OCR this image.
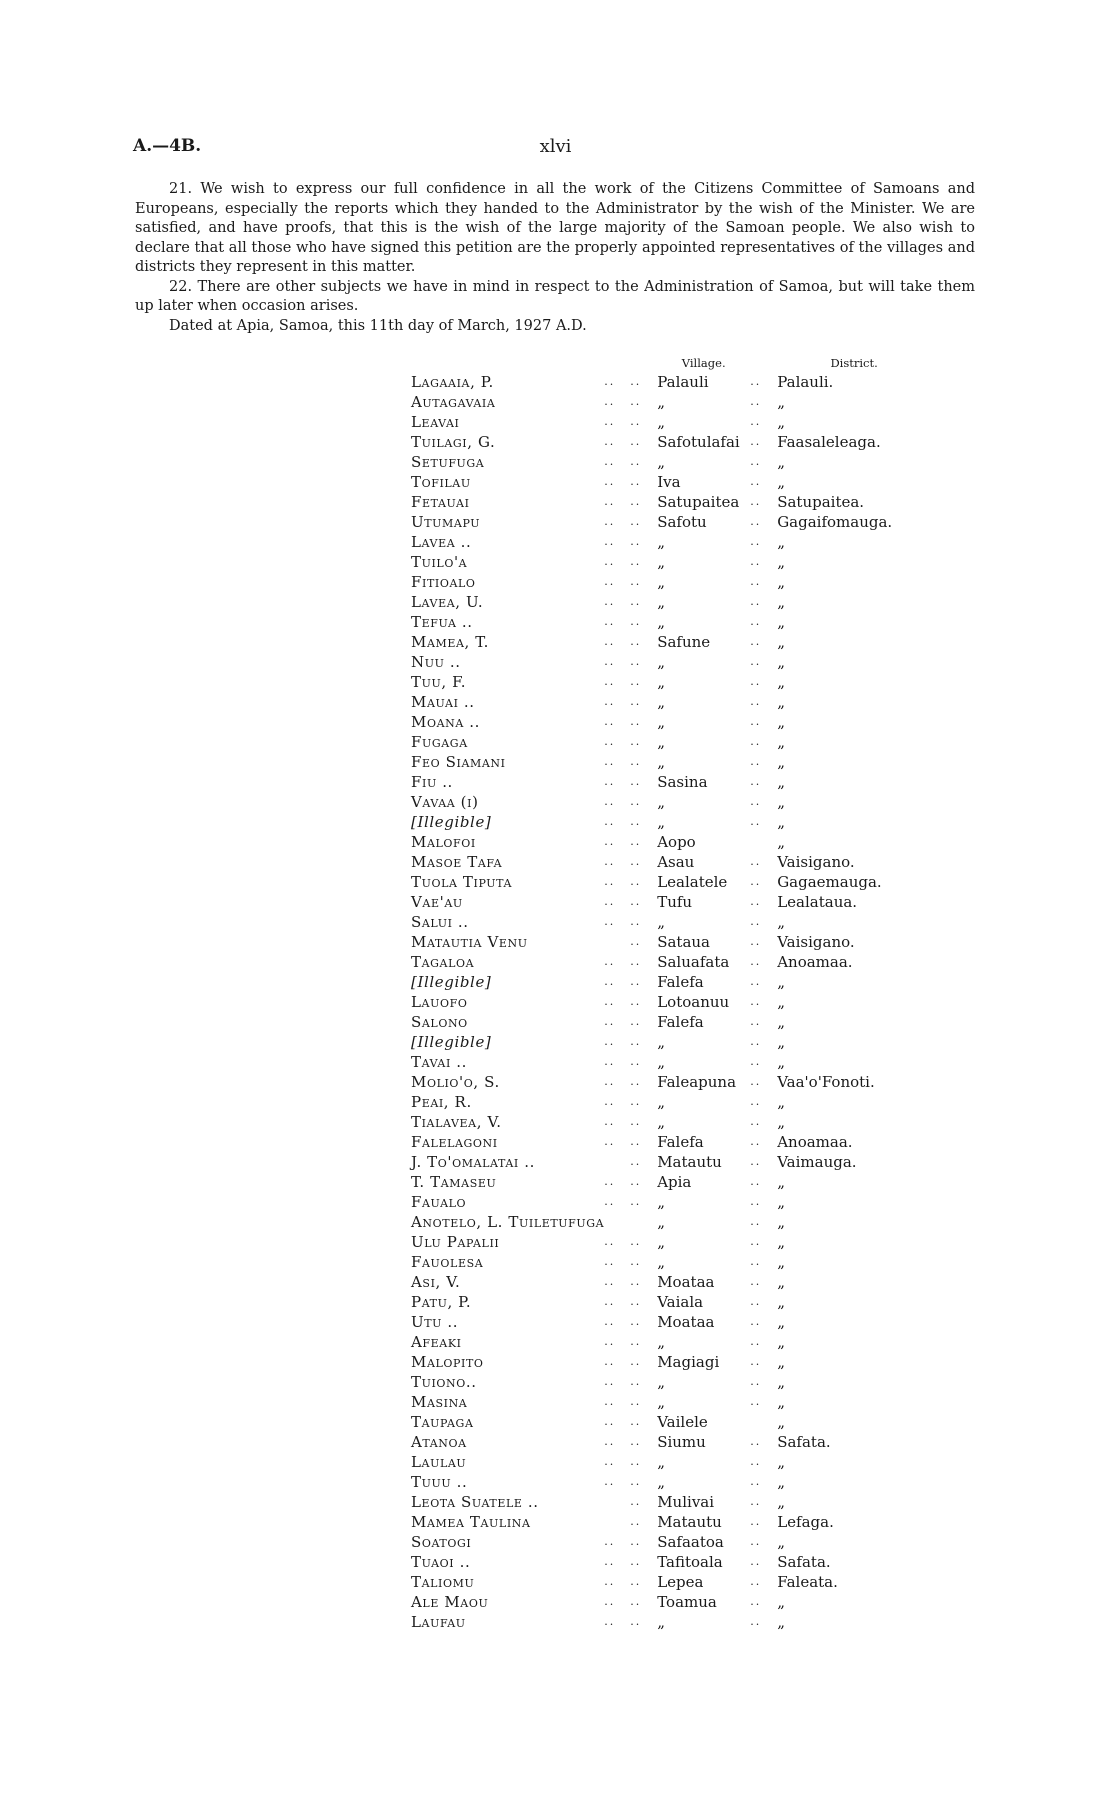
A.—4B.	xlvi

21. We wish to express our full confidence in all the work of the Citizens Committee of Samoans and Europeans, especially the reports which they handed to the Administrator by the wish of the Minister. We are satisfied, and have proofs, that this is the wish of the large majority of the Samoan people. We also wish to declare that all those who have signed this petition are the properly appointed representatives of the villages and districts they represent in this matter.

22. There are other subjects we have in mind in respect to the Administration of Samoa, but will take them up later when occasion arises.

Dated at Apia, Samoa, this 11th day of March, 1927 A.D.

			Village.		District.
Lagaaia, P.	..	..	Palauli	..	Palauli.
Autagavaia	..	..	„	..	„
Leavai	..	..	„	..	„
Tuilagi, G.	..	..	Safotulafai	..	Faasaleleaga.
Setufuga	..	..	„	..	„
Tofilau	..	..	Iva	..	„
Fetauai	..	..	Satupaitea	..	Satupaitea.
Utumapu	..	..	Safotu	..	Gagaifomauga.
Lavea ..	..	..	„	..	„
Tuilo'a	..	..	„	..	„
Fitioalo	..	..	„	..	„
Lavea, U.	..	..	„	..	„
Tefua ..	..	..	„	..	„
Mamea, T.	..	..	Safune	..	„
Nuu ..	..	..	„	..	„
Tuu, F.	..	..	„	..	„
Mauai ..	..	..	„	..	„
Moana ..	..	..	„	..	„
Fugaga	..	..	„	..	„
Feo Siamani	..	..	„	..	„
Fiu ..	..	..	Sasina	..	„
Vavaa (i)	..	..	„	..	„
[Illegible]	..	..	„	..	„
Malofoi	..	..	Aopo		„
Masoe Tafa	..	..	Asau	..	Vaisigano.
Tuola Tiputa	..	..	Lealatele	..	Gagaemauga.
Vae'au	..	..	Tufu	..	Lealataua.
Salui ..	..	..	„	..	„
Matautia Venu		..	Sataua	..	Vaisigano.
Tagaloa	..	..	Saluafata	..	Anoamaa.
[Illegible]	..	..	Falefa	..	„
Lauofo	..	..	Lotoanuu	..	„
Salono	..	..	Falefa	..	„
[Illegible]	..	..	„	..	„
Tavai ..	..	..	„	..	„
Molio'o, S.	..	..	Faleapuna	..	Vaa'o'Fonoti.
Peai, R.	..	..	„	..	„
Tialavea, V.	..	..	„	..	„
Falelagoni	..	..	Falefa	..	Anoamaa.
J. To'omalatai ..		..	Matautu	..	Vaimauga.
T. Tamaseu	..	..	Apia	..	„
Faualo	..	..	„	..	„
Anotelo, L. Tuiletufuga			„	..	„
Ulu Papalii	..	..	„	..	„
Fauolesa	..	..	„	..	„
Asi, V.	..	..	Moataa	..	„
Patu, P.	..	..	Vaiala	..	„
Utu ..	..	..	Moataa	..	„
Afeaki	..	..	„	..	„
Malopito	..	..	Magiagi	..	„
Tuiono..	..	..	„	..	„
Masina	..	..	„	..	„
Taupaga	..	..	Vailele		„
Atanoa	..	..	Siumu	..	Safata.
Laulau	..	..	„	..	„
Tuuu ..	..	..	„	..	„
Leota Suatele ..		..	Mulivai	..	„
Mamea Taulina		..	Matautu	..	Lefaga.
Soatogi	..	..	Safaatoa	..	„
Tuaoi ..	..	..	Tafitoala	..	Safata.
Taliomu	..	..	Lepea	..	Faleata.
Ale Maou	..	..	Toamua	..	„
Laufau	..	..	„	..	„
